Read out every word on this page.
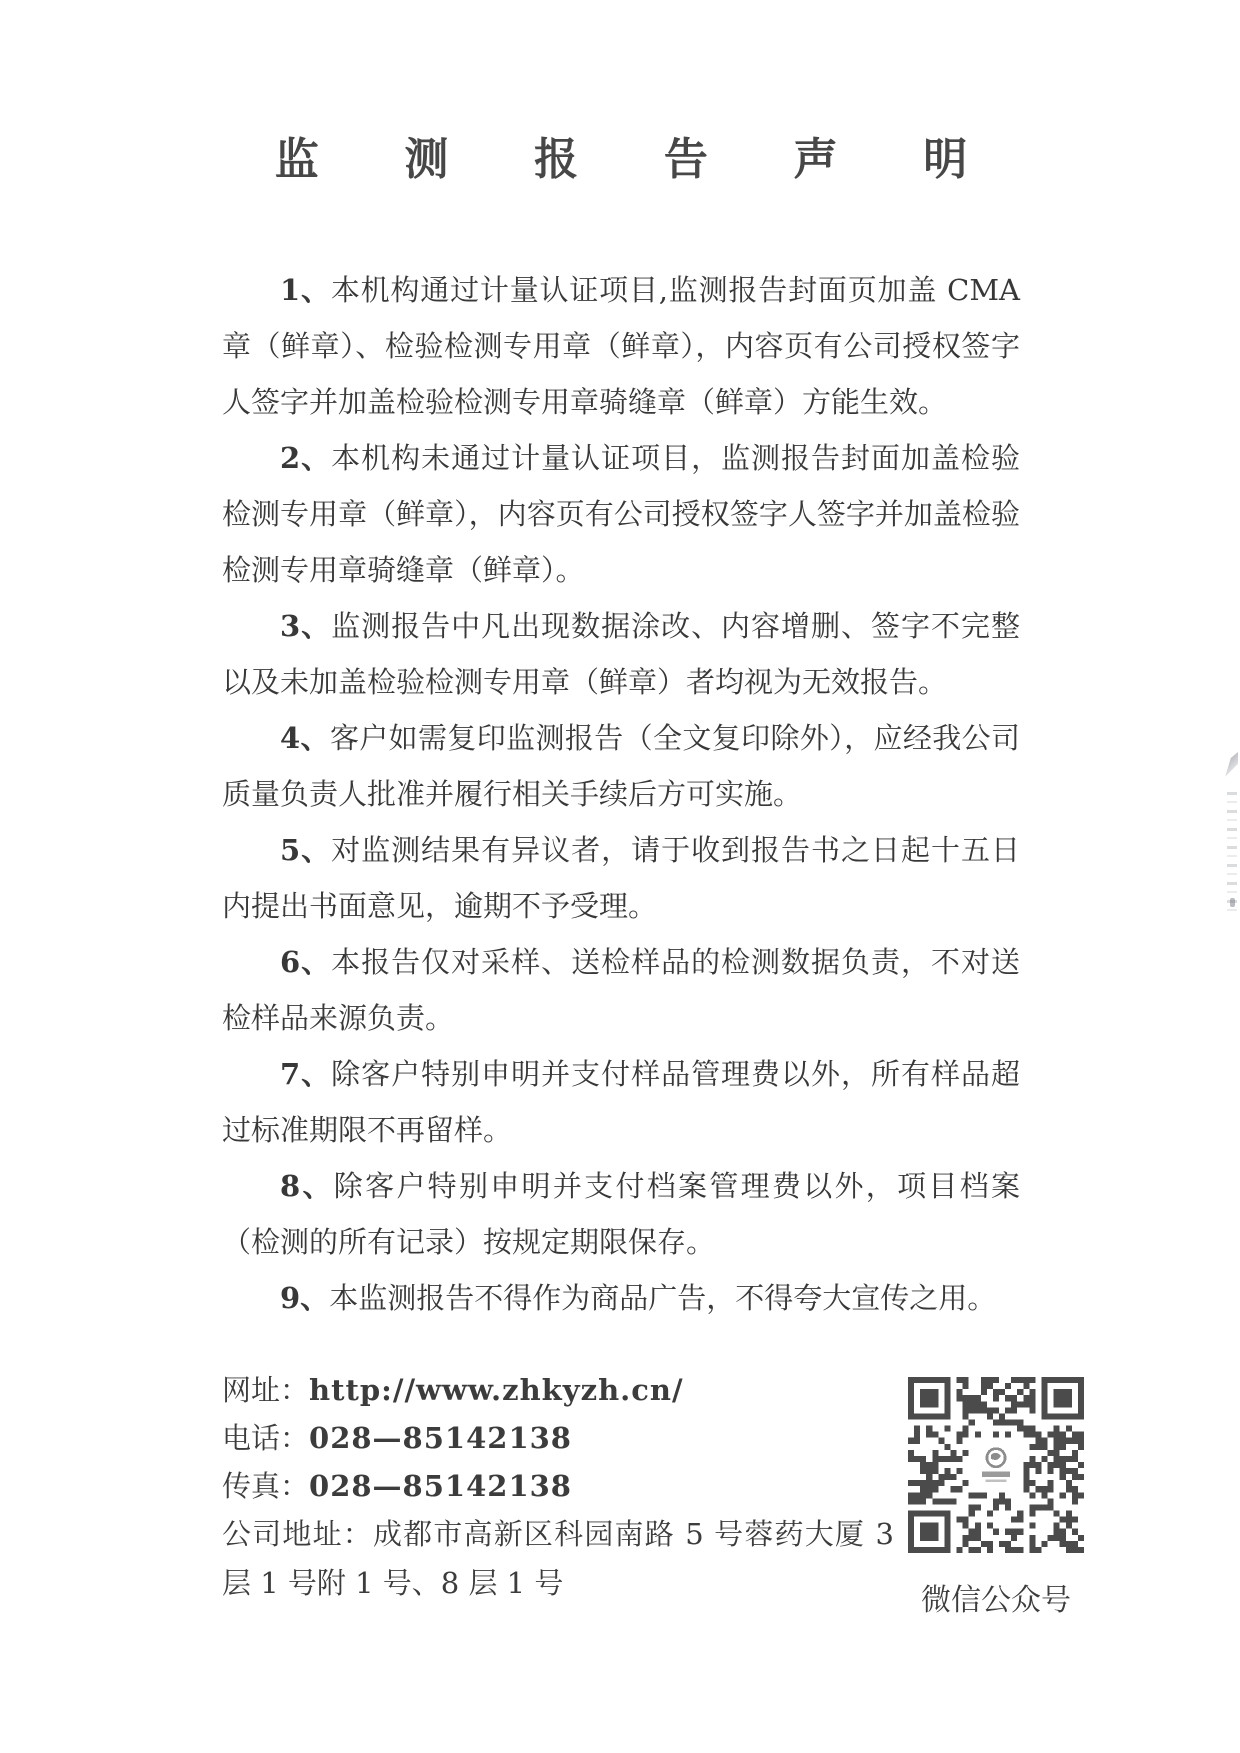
监 测 报 告 声 明

1、本机构通过计量认证项目,监测报告封面页加盖 CMA 章（鲜章）、检验检测专用章（鲜章），内容页有公司授权签字人签字并加盖检验检测专用章骑缝章（鲜章）方能生效。

2、本机构未通过计量认证项目，监测报告封面加盖检验检测专用章（鲜章），内容页有公司授权签字人签字并加盖检验检测专用章骑缝章（鲜章）。

3、监测报告中凡出现数据涂改、内容增删、签字不完整以及未加盖检验检测专用章（鲜章）者均视为无效报告。

4、客户如需复印监测报告（全文复印除外），应经我公司质量负责人批准并履行相关手续后方可实施。

5、对监测结果有异议者，请于收到报告书之日起十五日内提出书面意见，逾期不予受理。

6、本报告仅对采样、送检样品的检测数据负责，不对送检样品来源负责。

7、除客户特别申明并支付样品管理费以外，所有样品超过标准期限不再留样。

8、除客户特别申明并支付档案管理费以外，项目档案（检测的所有记录）按规定期限保存。

9、本监测报告不得作为商品广告，不得夸大宣传之用。

网址：http://www.zhkyzh.cn/

电话：028—85142138

传真：028—85142138

公司地址：成都市高新区科园南路 5 号蓉药大厦 3 层 1 号附 1 号、8 层 1 号	微信公众号
